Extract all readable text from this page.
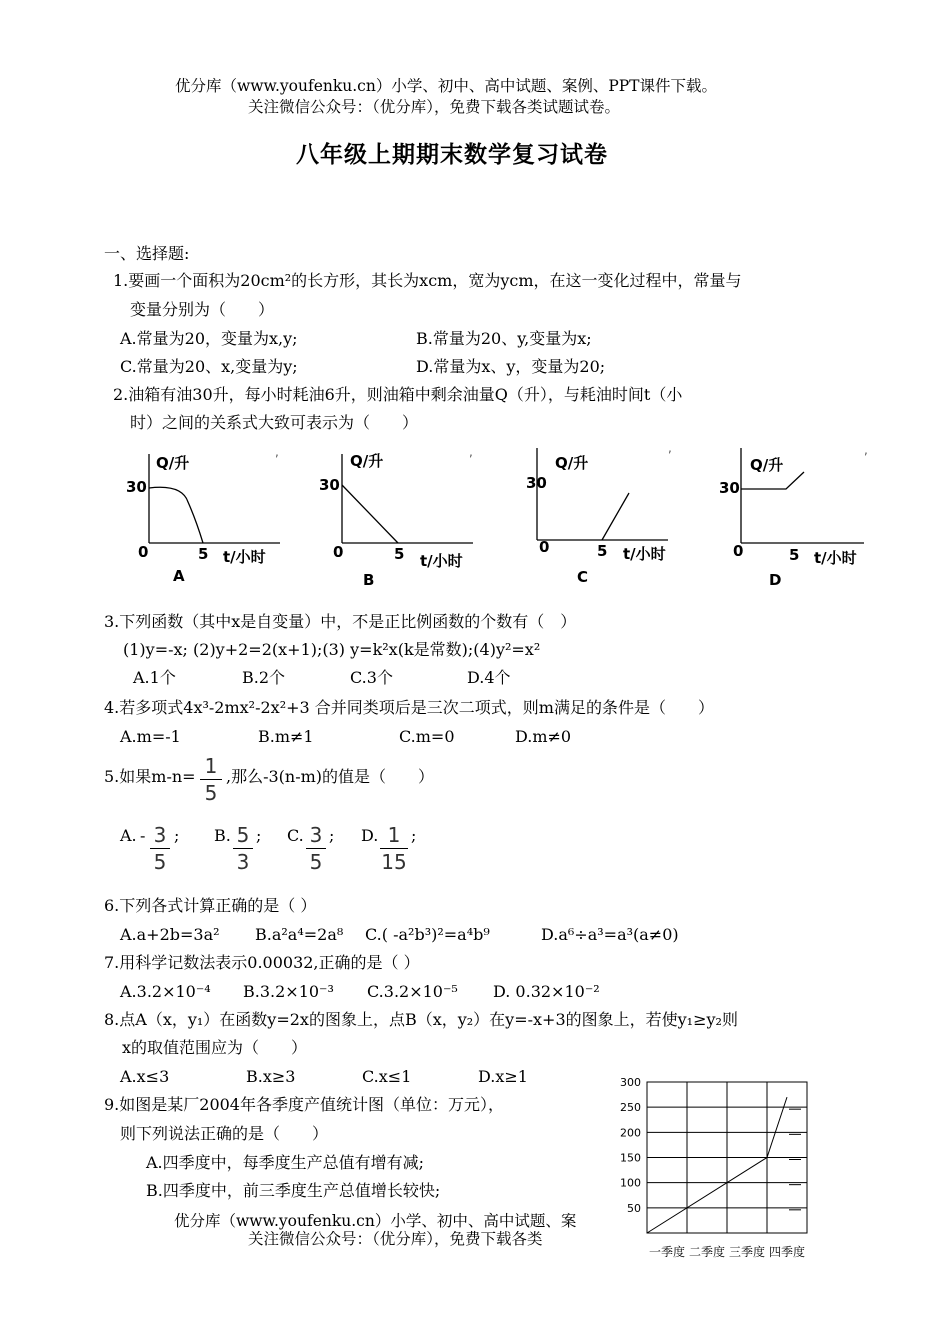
优分库（www.youfenku.cn）小学、初中、高中试题、案例、PPT课件下载。
关注微信公众号：（优分库），免费下载各类试题试卷。
八年级上期期末数学复习试卷
一、选择题:
1.要画一个面积为20cm²的长方形，其长为xcm，宽为ycm，在这一变化过程中，常量与
变量分别为（　　）
A.常量为20，变量为x,y;	B.常量为20、y,变量为x;
C.常量为20、x,变量为y;	D.常量为x、y，变量为20;
2.油箱有油30升，每小时耗油6升，则油箱中剩余油量Q（升），与耗油时间t（小
时）之间的关系式大致可表示为（　　）
Q/升
30
0	5 t/小时
A
Q/升
30
0	5 t/小时
B
Q/升
30
0	5 t/小时
C
Q/升
30
0	5 t/小时
D
,	,	,	,
3.下列函数（其中x是自变量）中，不是正比例函数的个数有（　）
(1)y=-x; (2)y+2=2(x+1);(3) y=k²x(k是常数);(4)y²=x²
A.1个	B.2个	C.3个	D.4个
4.若多项式4x³-2mx²-2x²+3 合并同类项后是三次二项式，则m满足的条件是（　　）
A.m=-1	B.m≠1	C.m=0	D.m≠0
5.如果m-n= 1
5
,那么-3(n-m)的值是（　　）
A. - 3
5
; B. 5
3
; C. 3
5
; D. 1
15
;
6.下列各式计算正确的是（ ）
A.a+2b=3a² B.a²a⁴=2a⁸ C.( -a²b³)²=a⁴b⁹	D.a⁶÷a³=a³(a≠0)
7.用科学记数法表示0.00032,正确的是（ ）
A.3.2×10⁻⁴ B.3.2×10⁻³ C.3.2×10⁻⁵ D. 0.32×10⁻²
8.点A（x，y₁）在函数y=2x的图象上，点B（x，y₂）在y=-x+3的图象上，若使y₁≥y₂则
x的取值范围应为（　　）
A.x≤3	B.x≥3	C.x≤1	D.x≥1
9.如图是某厂2004年各季度产值统计图（单位：万元），
则下列说法正确的是（　　）
A.四季度中，每季度生产总值有增有减;
B.四季度中，前三季度生产总值增长较快;
优分库（www.youfenku.cn）小学、初中、高中试题、案
关注微信公众号：（优分库），免费下载各类
300
250
200
150
100
50
一季度 二季度 三季度 四季度
